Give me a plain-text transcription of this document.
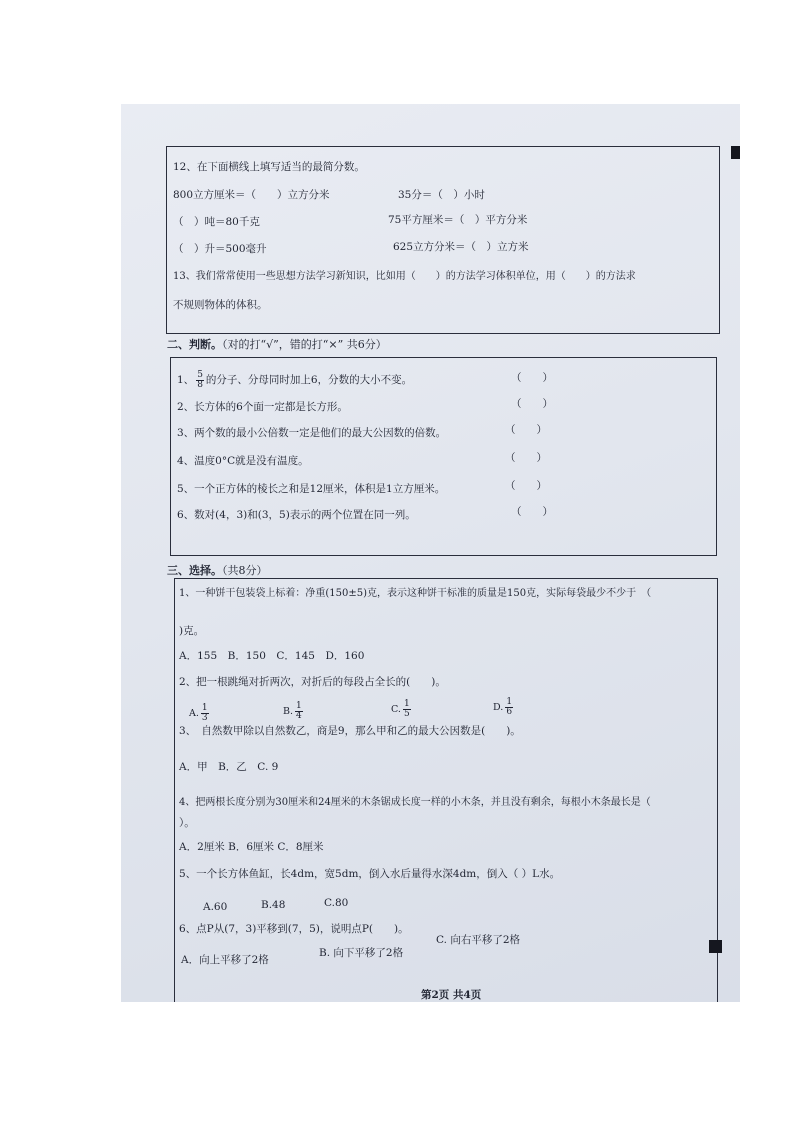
12、在下面横线上填写适当的最简分数。
800立方厘米＝（　　）立方分米	35分＝（　）小时
（　）吨＝80千克	75平方厘米＝（　）平方分米
（　）升＝500毫升	625立方分米＝（　）立方米
13、我们常常使用一些思想方法学习新知识，比如用（　　）的方法学习体积单位，用（　　）的方法求
不规则物体的体积。
二、判断。（对的打“√”，错的打“×” 共6分）
1、 $\frac{5}{8}$ 的分子、分母同时加上6，分数的大小不变。	（　　）
2、长方体的6个面一定都是长方形。	（　　）
3、两个数的最小公倍数一定是他们的最大公因数的倍数。	（　　）
4、温度0°C就是没有温度。	（　　）
5、一个正方体的棱长之和是12厘米，体积是1立方厘米。	（　　）
6、数对(4，3)和(3，5)表示的两个位置在同一列。	（　　）
三、选择。（共8分）
1、一种饼干包装袋上标着：净重(150±5)克，表示这种饼干标准的质量是150克，实际每袋最少不少于　（
)克。
A．155　B．150　C．145　D．160
2、把一根跳绳对折两次，对折后的每段占全长的(　　)。
A. $\frac{1}{3}$	B. $\frac{1}{4}$	C. $\frac{1}{5}$	D. $\frac{1}{6}$
3、　自然数甲除以自然数乙，商是9，那么甲和乙的最大公因数是(　　)。
A．甲　B．乙　C. 9
4、把两根长度分别为30厘米和24厘米的木条锯成长度一样的小木条，并且没有剩余，每根小木条最长是（
）。
A．2厘米 B．6厘米 C．8厘米
5、一个长方体鱼缸，长4dm，宽5dm，倒入水后量得水深4dm，倒入（ ）L水。
A.60	B.48	C.80
6、点P从(7，3)平移到(7，5)，说明点P(　　)。
A．向上平移了2格
B. 向下平移了2格
C. 向右平移了2格
第2页 共4页
